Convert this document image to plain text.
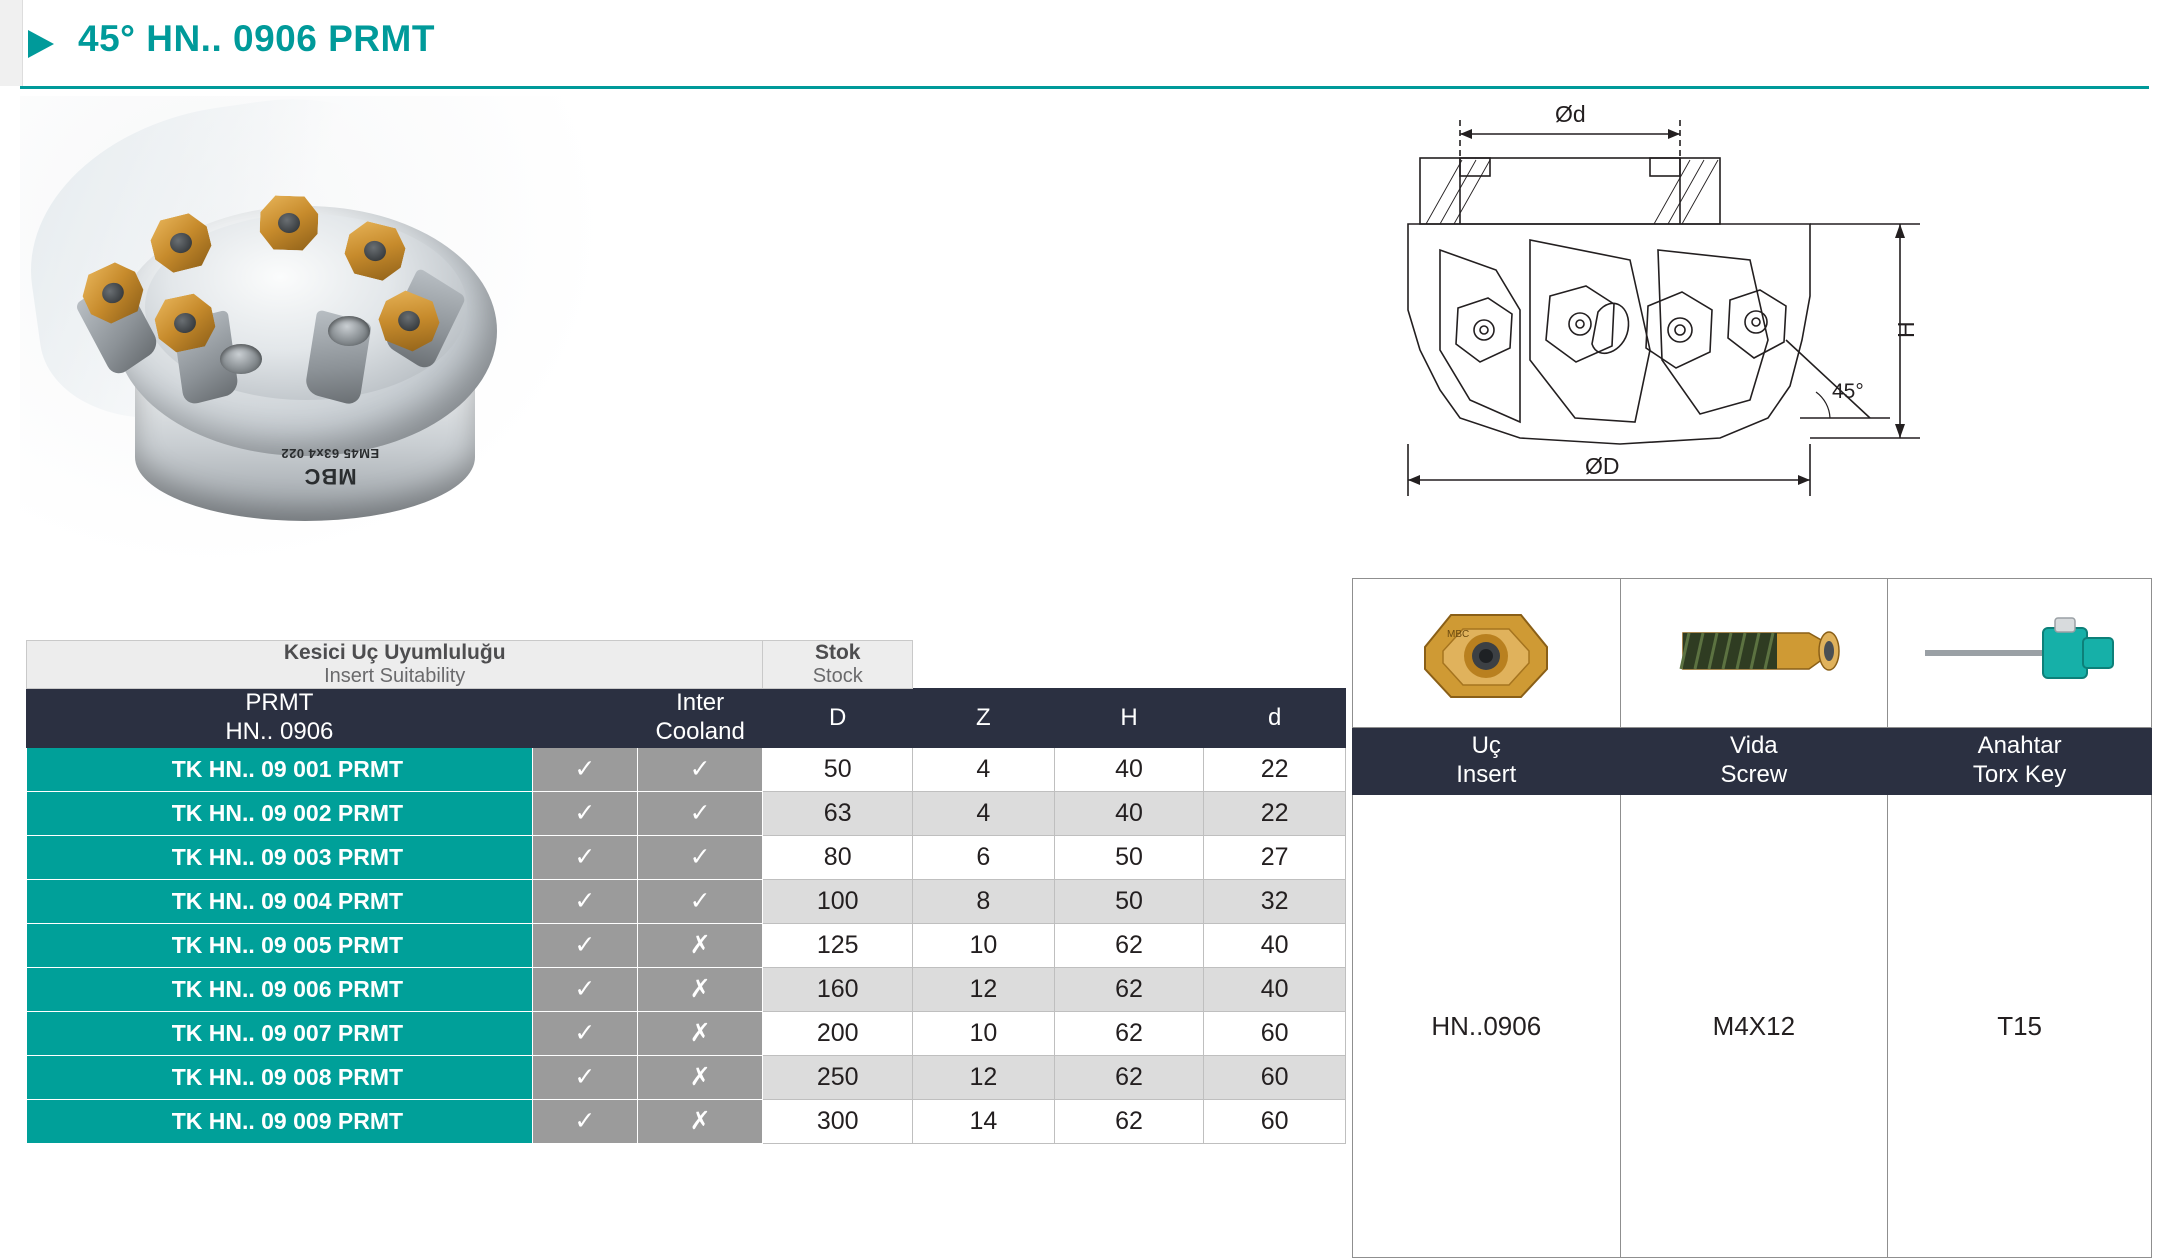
45° HN.. 0906 PRMT
MBC
EM45 63x4 022
Ød
ØD
H
45°
Kesici Uç Uyumluluğu
Insert Suitability

Stok
Stock

PRMT
HN.. 0906

Inter
Cooland
	D	Z	H	d
TK HN.. 09 001 PRMT	✓	✓	50	4	40	22
TK HN.. 09 002 PRMT	✓	✓	63	4	40	22
TK HN.. 09 003 PRMT	✓	✓	80	6	50	27
TK HN.. 09 004 PRMT	✓	✓	100	8	50	32
TK HN.. 09 005 PRMT	✓	✗	125	10	62	40
TK HN.. 09 006 PRMT	✓	✗	160	12	62	40
TK HN.. 09 007 PRMT	✓	✗	200	10	62	60
TK HN.. 09 008 PRMT	✓	✗	250	12	62	60
TK HN.. 09 009 PRMT	✓	✗	300	14	62	60
MBC

Uç
Insert

Vida
Screw

Anahtar
Torx Key

HN..0906	M4X12	T15
